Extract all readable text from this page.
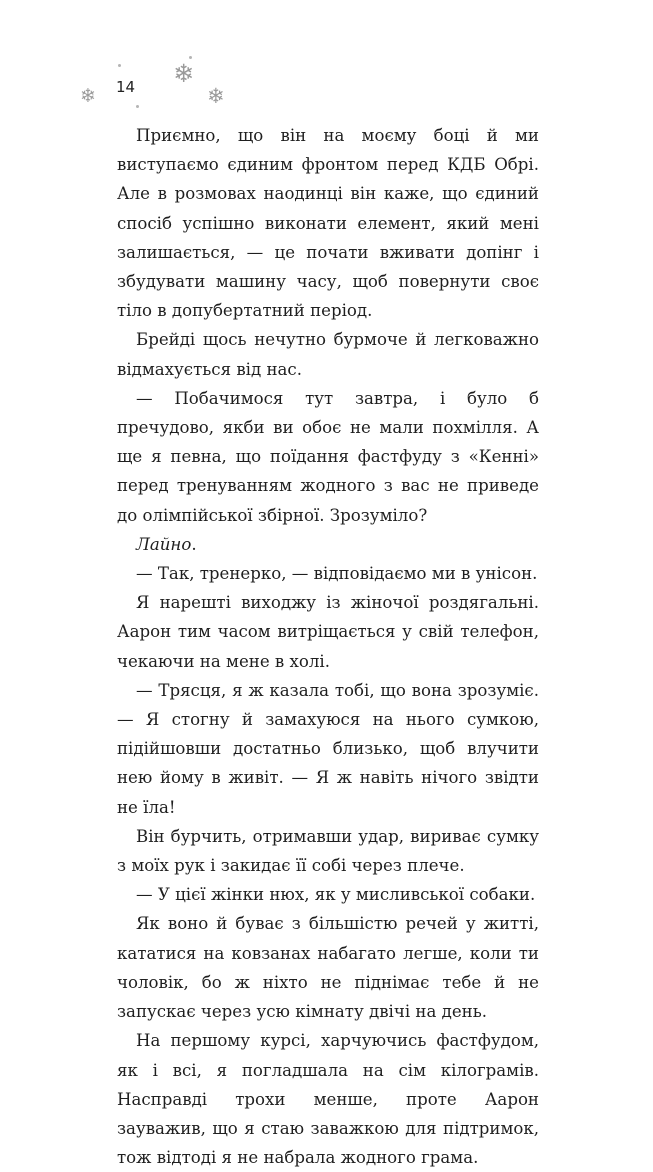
❄
❄
❄
14

Приємно, що він на моєму боці й ми виступаємо єдиним фронтом перед КДБ Обрі. Але в розмовах наодинці він каже, що єдиний спосіб успішно виконати елемент, який мені залишається, — це почати вживати допінг і збудувати машину часу, щоб повернути своє тіло в допубертатний період.

Брейді щось нечутно бурмоче й легковажно відмахується від нас.

— Побачимося тут завтра, і було б пречудово, якби ви обоє не мали похмілля. А ще я певна, що поїдання фастфуду з «Кенні» перед тренуванням жодного з вас не приведе до олімпійської збірної. Зрозуміло?

Лайно.

— Так, тренерко, — відповідаємо ми в унісон.

Я нарешті виходжу із жіночої роздягальні. Аарон тим часом витріщається у свій телефон, чекаючи на мене в холі.

— Трясця, я ж казала тобі, що вона зрозуміє. — Я стогну й замахуюся на нього сумкою, підійшовши достатньо близько, щоб влучити нею йому в живіт. — Я ж навіть нічого звідти не їла!

Він бурчить, отримавши удар, вириває сумку з моїх рук і закидає її собі через плече.

— У цієї жінки нюх, як у мисливської собаки.

Як воно й буває з більшістю речей у житті, кататися на ковзанах набагато легше, коли ти чоловік, бо ж ніхто не піднімає тебе й не запускає через усю кімнату двічі на день.

На першому курсі, харчуючись фастфудом, як і всі, я погладшала на сім кілограмів. Насправді трохи менше, проте Аарон зауважив, що я стаю заважкою для підтримок, тож відтоді я не набрала жодного грама.
